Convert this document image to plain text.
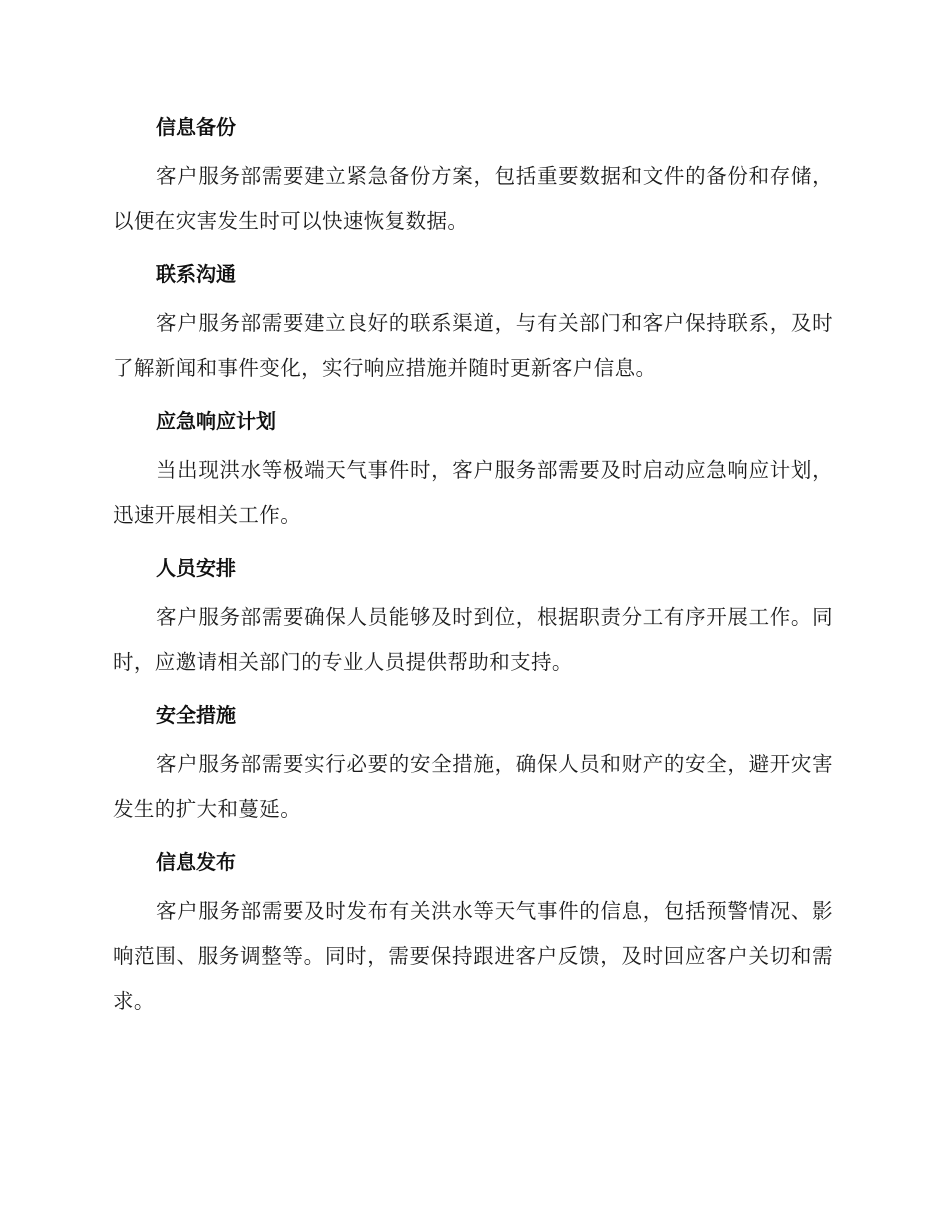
信息备份

客户服务部需要建立紧急备份方案，包括重要数据和文件的备份和存储，以便在灾害发生时可以快速恢复数据。

联系沟通

客户服务部需要建立良好的联系渠道，与有关部门和客户保持联系，及时了解新闻和事件变化，实行响应措施并随时更新客户信息。

应急响应计划

当出现洪水等极端天气事件时，客户服务部需要及时启动应急响应计划，迅速开展相关工作。

人员安排

客户服务部需要确保人员能够及时到位，根据职责分工有序开展工作。同时，应邀请相关部门的专业人员提供帮助和支持。

安全措施

客户服务部需要实行必要的安全措施，确保人员和财产的安全，避开灾害发生的扩大和蔓延。

信息发布

客户服务部需要及时发布有关洪水等天气事件的信息，包括预警情况、影响范围、服务调整等。同时，需要保持跟进客户反馈，及时回应客户关切和需求。
